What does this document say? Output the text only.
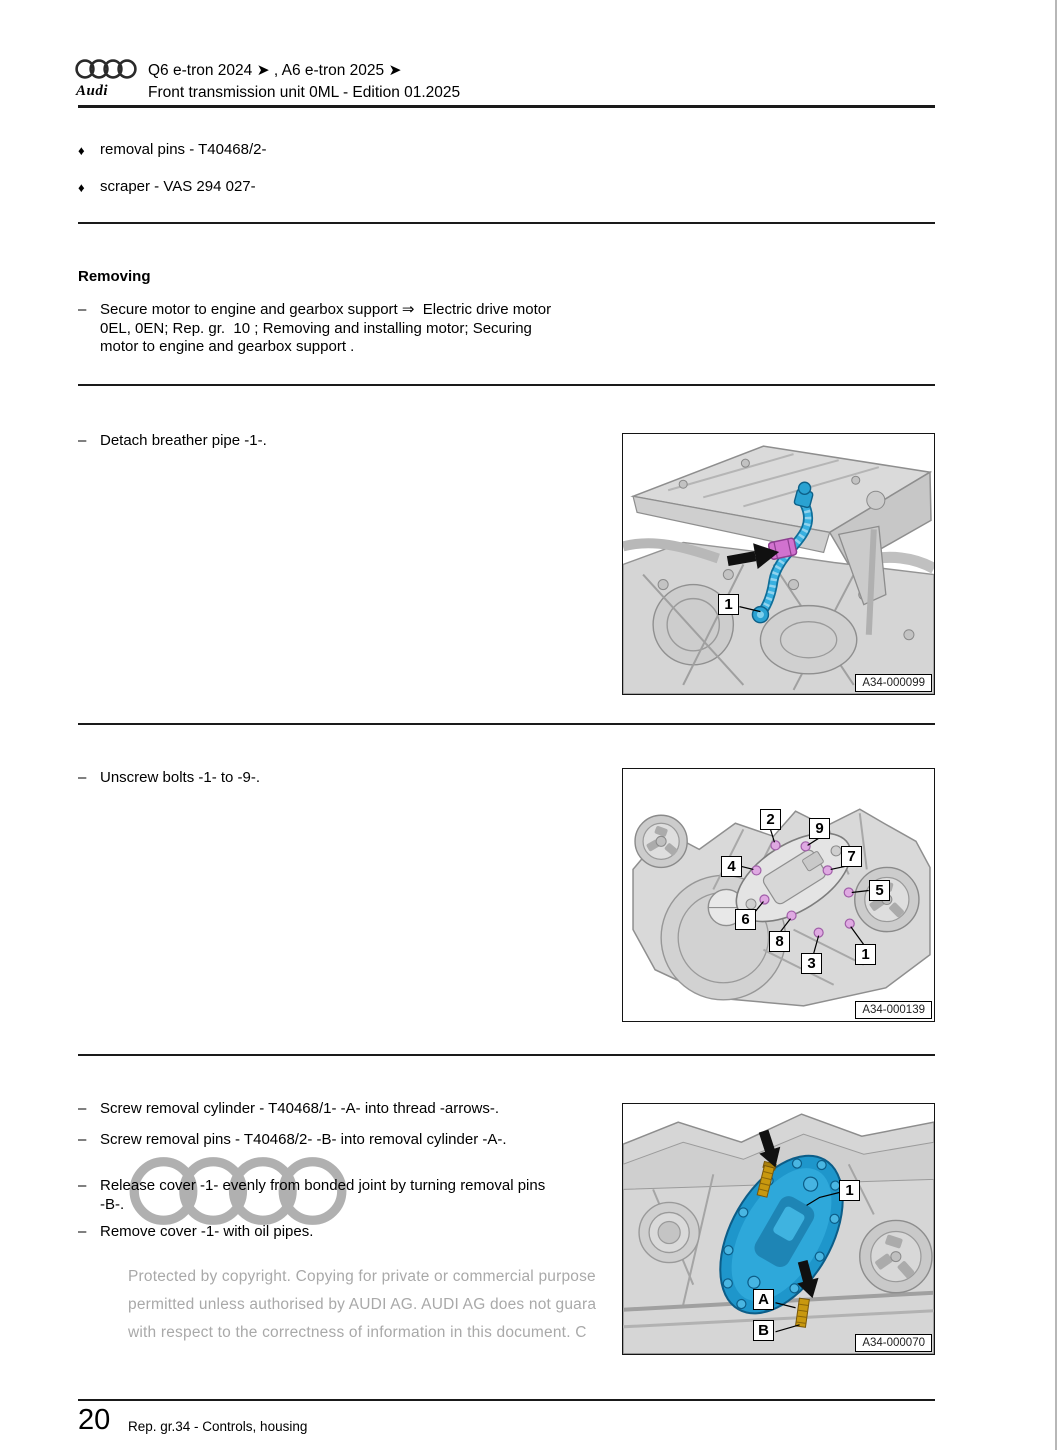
Audi
Q6 e-tron 2024 ➤ , A6 e-tron 2025 ➤
Front transmission unit 0ML - Edition 01.2025
♦ removal pins - T40468/2-
♦ scraper - VAS 294 027-
Removing
– Secure motor to engine and gearbox support ⇒  Electric drive motor 0EL, 0EN; Rep. gr.  10 ; Removing and installing motor; Securing motor to engine and gearbox support .
– Detach breather pipe -1-.
1
A34-000099
– Unscrew bolts -1- to -9-.
2
9
7
4
5
6
8
3
1
A34-000139
– Screw removal cylinder - T40468/1- -A- into thread -arrows-.
– Screw removal pins - T40468/2- -B- into removal cylinder -A-.
– Release cover -1- evenly from bonded joint by turning removal pins -B-.
– Remove cover -1- with oil pipes.
Protected by copyright. Copying for private or commercial purpose
permitted unless authorised by AUDI AG. AUDI AG does not guara
with respect to the correctness of information in this document. C
1
A
B
A34-000070
20 Rep. gr.34 - Controls, housing
